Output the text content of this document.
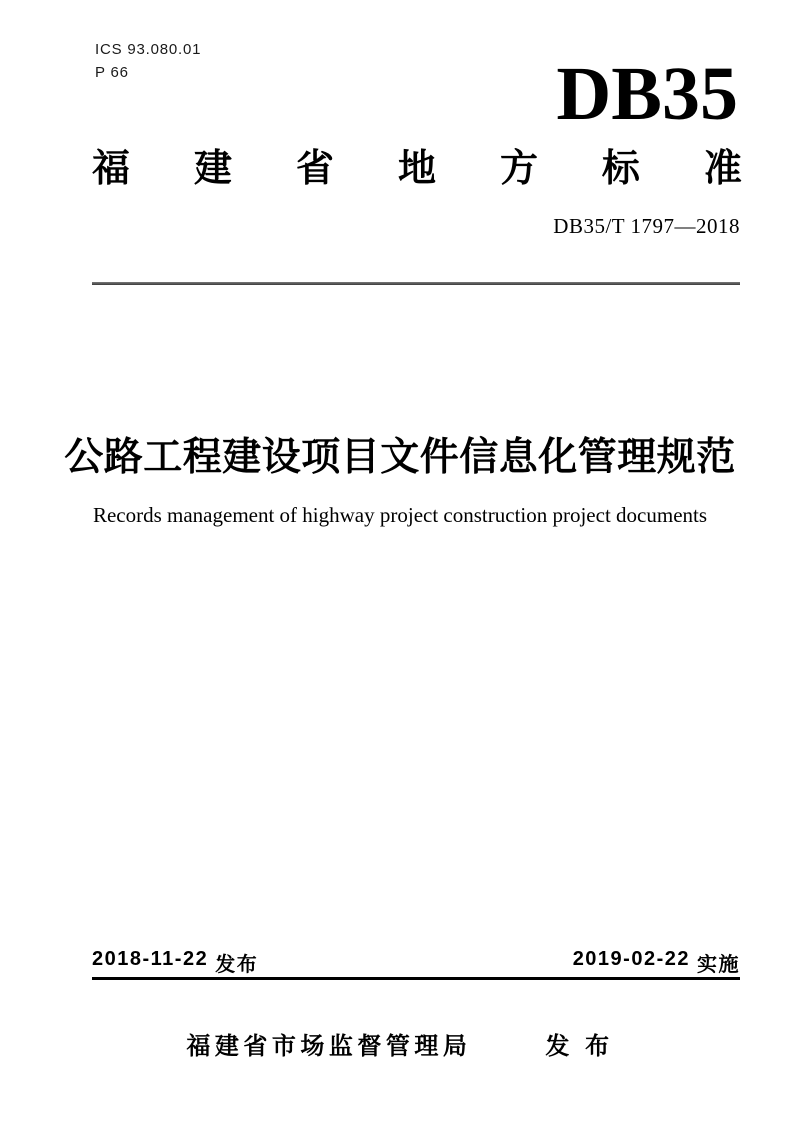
ICS 93.080.01
P 66	DB35
福 建 省 地 方 标 准
DB35/T 1797—2018
公路工程建设项目文件信息化管理规范
Records management of highway project construction project documents
2018-11-22 发布	2019-02-22 实施
福建省市场监督管理局	发 布
